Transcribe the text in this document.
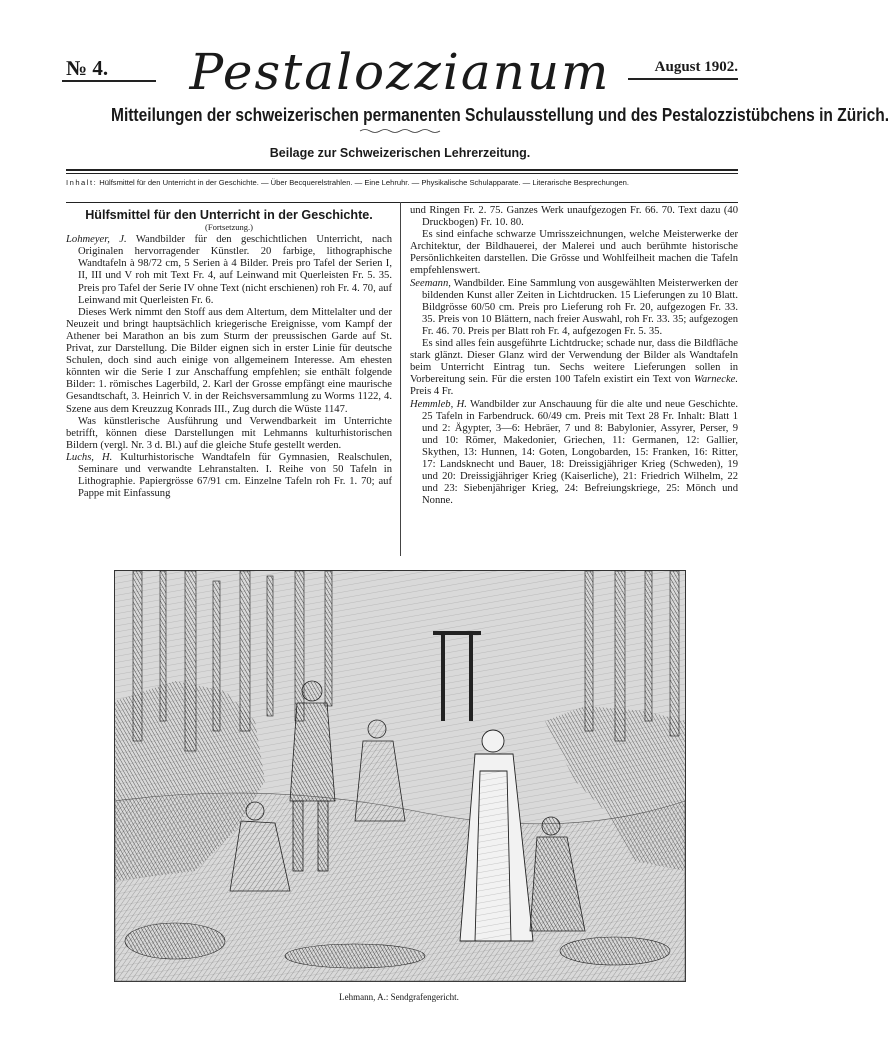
№ 4.	Pestalozzianum	August 1902.
Mitteilungen der schweizerischen permanenten Schulausstellung und des Pestalozzistübchens in Zürich.
Beilage zur Schweizerischen Lehrerzeitung.
Inhalt: Hülfsmittel für den Unterricht in der Geschichte. — Über Becquerelstrahlen. — Eine Lehruhr. — Physikalische Schulapparate. — Literarische Besprechungen.

Hülfsmittel für den Unterricht in der Geschichte.

(Fortsetzung.)

Lohmeyer, J. Wandbilder für den geschichtlichen Unterricht, nach Originalen hervorragender Künstler. 20 farbige, lithographische Wandtafeln à 98/72 cm, 5 Serien à 4 Bilder. Preis pro Tafel der Serien I, II, III und V roh mit Text Fr. 4, auf Leinwand mit Querleisten Fr. 5. 35. Preis pro Tafel der Serie IV ohne Text (nicht erschienen) roh Fr. 4. 70, auf Leinwand mit Querleisten Fr. 6.

Dieses Werk nimmt den Stoff aus dem Altertum, dem Mittelalter und der Neuzeit und bringt hauptsächlich kriegerische Ereignisse, vom Kampf der Athener bei Marathon an bis zum Sturm der preussischen Garde auf St. Privat, zur Darstellung. Die Bilder eignen sich in erster Linie für deutsche Schulen, doch sind auch einige von allgemeinem Interesse. Am ehesten könnten wir die Serie I zur Anschaffung empfehlen; sie enthält folgende Bilder: 1. römisches Lagerbild, 2. Karl der Grosse empfängt eine maurische Gesandtschaft, 3. Heinrich V. in der Reichsversammlung zu Worms 1122, 4. Szene aus dem Kreuzzug Konrads III., Zug durch die Wüste 1147.

Was künstlerische Ausführung und Verwendbarkeit im Unterrichte betrifft, können diese Darstellungen mit Lehmanns kulturhistorischen Bildern (vergl. Nr. 3 d. Bl.) auf die gleiche Stufe gestellt werden.

Luchs, H. Kulturhistorische Wandtafeln für Gymnasien, Realschulen, Seminare und verwandte Lehranstalten. I. Reihe von 50 Tafeln in Lithographie. Papiergrösse 67/91 cm. Einzelne Tafeln roh Fr. 1. 70; auf Pappe mit Einfassung

und Ringen Fr. 2. 75. Ganzes Werk unaufgezogen Fr. 66. 70. Text dazu (40 Druckbogen) Fr. 10. 80.

Es sind einfache schwarze Umrisszeichnungen, welche Meisterwerke der Architektur, der Bildhauerei, der Malerei und auch berühmte historische Persönlichkeiten darstellen. Die Grösse und Wohlfeilheit machen die Tafeln empfehlenswert.

Seemann, Wandbilder. Eine Sammlung von ausgewählten Meisterwerken der bildenden Kunst aller Zeiten in Lichtdrucken. 15 Lieferungen zu 10 Blatt. Bildgrösse 60/50 cm. Preis pro Lieferung roh Fr. 20, aufgezogen Fr. 33. 35. Preis von 10 Blättern, nach freier Auswahl, roh Fr. 33. 35; aufgezogen Fr. 46. 70. Preis per Blatt roh Fr. 4, aufgezogen Fr. 5. 35.

Es sind alles fein ausgeführte Lichtdrucke; schade nur, dass die Bildfläche stark glänzt. Dieser Glanz wird der Verwendung der Bilder als Wandtafeln beim Unterricht Eintrag tun. Sechs weitere Lieferungen sollen in Vorbereitung sein. Für die ersten 100 Tafeln existirt ein Text von Warnecke. Preis 4 Fr.

Hemmleb, H. Wandbilder zur Anschauung für die alte und neue Geschichte. 25 Tafeln in Farbendruck. 60/49 cm. Preis mit Text 28 Fr. Inhalt: Blatt 1 und 2: Ägypter, 3—6: Hebräer, 7 und 8: Babylonier, Assyrer, Perser, 9 und 10: Römer, Makedonier, Griechen, 11: Germanen, 12: Gallier, Skythen, 13: Hunnen, 14: Goten, Longobarden, 15: Franken, 16: Ritter, 17: Landsknecht und Bauer, 18: Dreissigjähriger Krieg (Schweden), 19 und 20: Dreissigjähriger Krieg (Kaiserliche), 21: Friedrich Wilhelm, 22 und 23: Siebenjähriger Krieg, 24: Befreiungskriege, 25: Mönch und Nonne.

Lehmann, A.: Sendgrafengericht.
